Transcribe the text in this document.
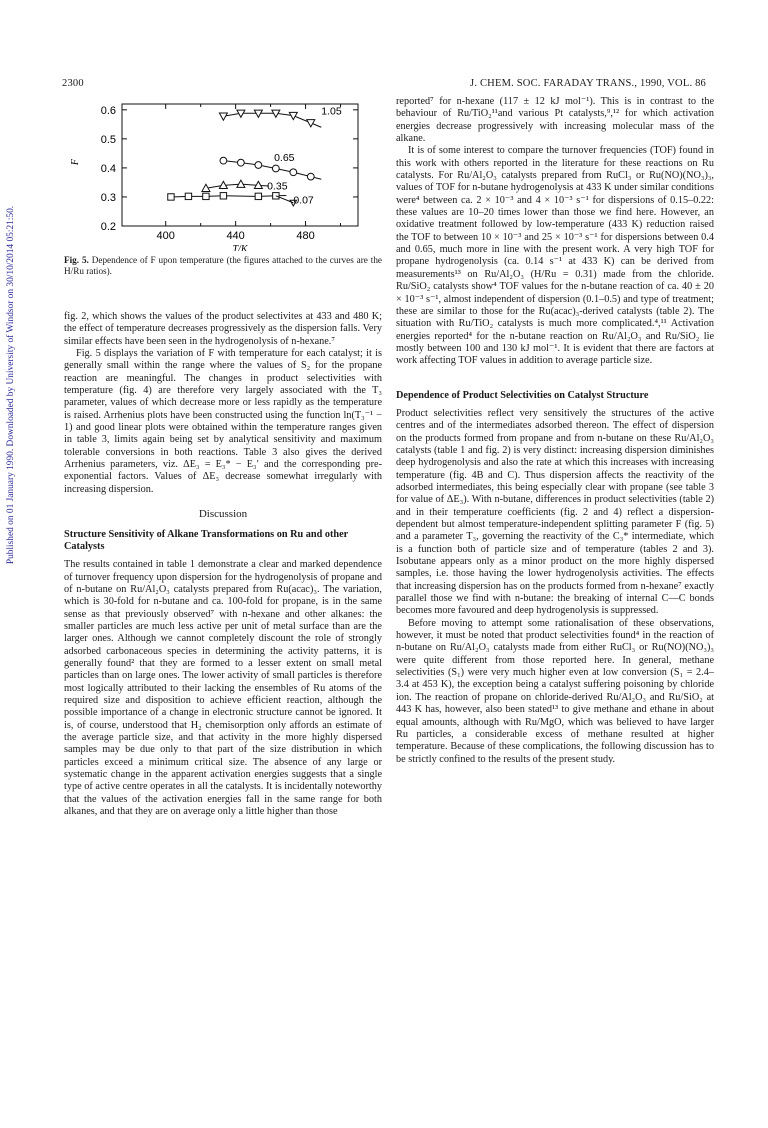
2300	J. CHEM. SOC. FARADAY TRANS., 1990, VOL. 86
Published on 01 January 1990. Downloaded by University of Windsor on 30/10/2014 05:21:50.	0.2
0.3
0.4
0.5
0.6
400	440	480
T/K
F
1.05
0.65
0.35
0.07
Fig. 5. Dependence of F upon temperature (the figures attached to the curves are the H/Ru ratios).

fig. 2, which shows the values of the product selectivites at 433 and 480 K; the effect of temperature decreases progressively as the dispersion falls. Very similar effects have been seen in the hydrogenolysis of n-hexane.⁷

Fig. 5 displays the variation of F with temperature for each catalyst; it is generally small within the range where the values of S₂ for the propane reaction are meaningful. The changes in product selectivities with temperature (fig. 4) are therefore very largely associated with the T₃ parameter, values of which decrease more or less rapidly as the temperature is raised. Arrhenius plots have been constructed using the function ln(T₃⁻¹ − 1) and good linear plots were obtained within the temperature ranges given in table 3, limits again being set by analytical sensitivity and maximum tolerable conversions in both reactions. Table 3 also gives the derived Arrhenius parameters, viz. ΔE₃ = E₃* − E₃′ and the corresponding pre-exponential factors. Values of ΔE₃ decrease somewhat irregularly with increasing dispersion.

Discussion
Structure Sensitivity of Alkane Transformations on Ru and other Catalysts

The results contained in table 1 demonstrate a clear and marked dependence of turnover frequency upon dispersion for the hydrogenolysis of propane and of n-butane on Ru/Al₂O₃ catalysts prepared from Ru(acac)₃. The variation, which is 30-fold for n-butane and ca. 100-fold for propane, is in the same sense as that previously observed⁷ with n-hexane and other alkanes: the smaller particles are much less active per unit of metal surface than are the larger ones. Although we cannot completely discount the role of strongly adsorbed carbonaceous species in determining the activity patterns, it is generally found² that they are formed to a lesser extent on small metal particles than on large ones. The lower activity of small particles is therefore most logically attributed to their lacking the ensembles of Ru atoms of the required size and disposition to achieve efficient reaction, although the possible importance of a change in electronic structure cannot be ignored. It is, of course, understood that H₂ chemisorption only affords an estimate of the average particle size, and that activity in the more highly dispersed samples may be due only to that part of the size distribution in which particles exceed a minimum critical size. The absence of any large or systematic change in the apparent activation energies suggests that a single type of active centre operates in all the catalysts. It is incidentally noteworthy that the values of the activation energies fall in the same range for both alkanes, and that they are on average only a little higher than those

reported⁷ for n-hexane (117 ± 12 kJ mol⁻¹). This is in contrast to the behaviour of Ru/TiO₂¹¹and various Pt catalysts,⁹,¹² for which activation energies decrease progressively with increasing molecular mass of the alkane.

It is of some interest to compare the turnover frequencies (TOF) found in this work with others reported in the literature for these reactions on Ru catalysts. For Ru/Al₂O₃ catalysts prepared from RuCl₃ or Ru(NO)(NO₃)₃, values of TOF for n-butane hydrogenolysis at 433 K under similar conditions were⁴ between ca. 2 × 10⁻³ and 4 × 10⁻³ s⁻¹ for dispersions of 0.15–0.22: these values are 10–20 times lower than those we find here. However, an oxidative treatment followed by low-temperature (433 K) reduction raised the TOF to between 10 × 10⁻³ and 25 × 10⁻³ s⁻¹ for dispersions between 0.4 and 0.65, much more in line with the present work. A very high TOF for propane hydrogenolysis (ca. 0.14 s⁻¹ at 433 K) can be derived from measurements¹³ on Ru/Al₂O₃ (H/Ru = 0.31) made from the chloride. Ru/SiO₂ catalysts show⁴ TOF values for the n-butane reaction of ca. 40 ± 20 × 10⁻³ s⁻¹, almost independent of dispersion (0.1–0.5) and type of treatment; these are similar to those for the Ru(acac)₃-derived catalysts (table 2). The situation with Ru/TiO₂ catalysts is much more complicated.⁴,¹¹ Activation energies reported⁴ for the n-butane reaction on Ru/Al₂O₃ and Ru/SiO₂ lie mostly between 100 and 130 kJ mol⁻¹. It is evident that there are factors at work affecting TOF values in addition to average particle size.

Dependence of Product Selectivities on Catalyst Structure

Product selectivities reflect very sensitively the structures of the active centres and of the intermediates adsorbed thereon. The effect of dispersion on the products formed from propane and from n-butane on these Ru/Al₂O₃ catalysts (table 1 and fig. 2) is very distinct: increasing dispersion diminishes deep hydrogenolysis and also the rate at which this increases with increasing temperature (fig. 4B and C). Thus dispersion affects the reactivity of the adsorbed intermediates, this being especially clear with propane (see table 3 for value of ΔE₃). With n-butane, differences in product selectivities (table 2) and in their temperature coefficients (fig. 2 and 4) reflect a dispersion-dependent but almost temperature-independent splitting parameter F (fig. 5) and a parameter T₃, governing the reactivity of the C₃* intermediate, which is a function both of particle size and of temperature (tables 2 and 3). Isobutane appears only as a minor product on the more highly dispersed samples, i.e. those having the lower hydrogenolysis activities. The effects that increasing dispersion has on the products formed from n-hexane⁷ exactly parallel those we find with n-butane: the breaking of internal C—C bonds becomes more favoured and deep hydrogenolysis is suppressed.

Before moving to attempt some rationalisation of these observations, however, it must be noted that product selectivities found⁴ in the reaction of n-butane on Ru/Al₂O₃ catalysts made from either RuCl₃ or Ru(NO)(NO₃)₃ were quite different from those reported here. In general, methane selectivities (S₁) were very much higher even at low conversion (S₁ = 2.4–3.4 at 453 K), the exception being a catalyst suffering poisoning by chloride ion. The reaction of propane on chloride-derived Ru/Al₂O₃ and Ru/SiO₂ at 443 K has, however, also been stated¹³ to give methane and ethane in about equal amounts, although with Ru/MgO, which was believed to have larger Ru particles, a considerable excess of methane resulted at higher temperature. Because of these complications, the following discussion has to be strictly confined to the results of the present study.
